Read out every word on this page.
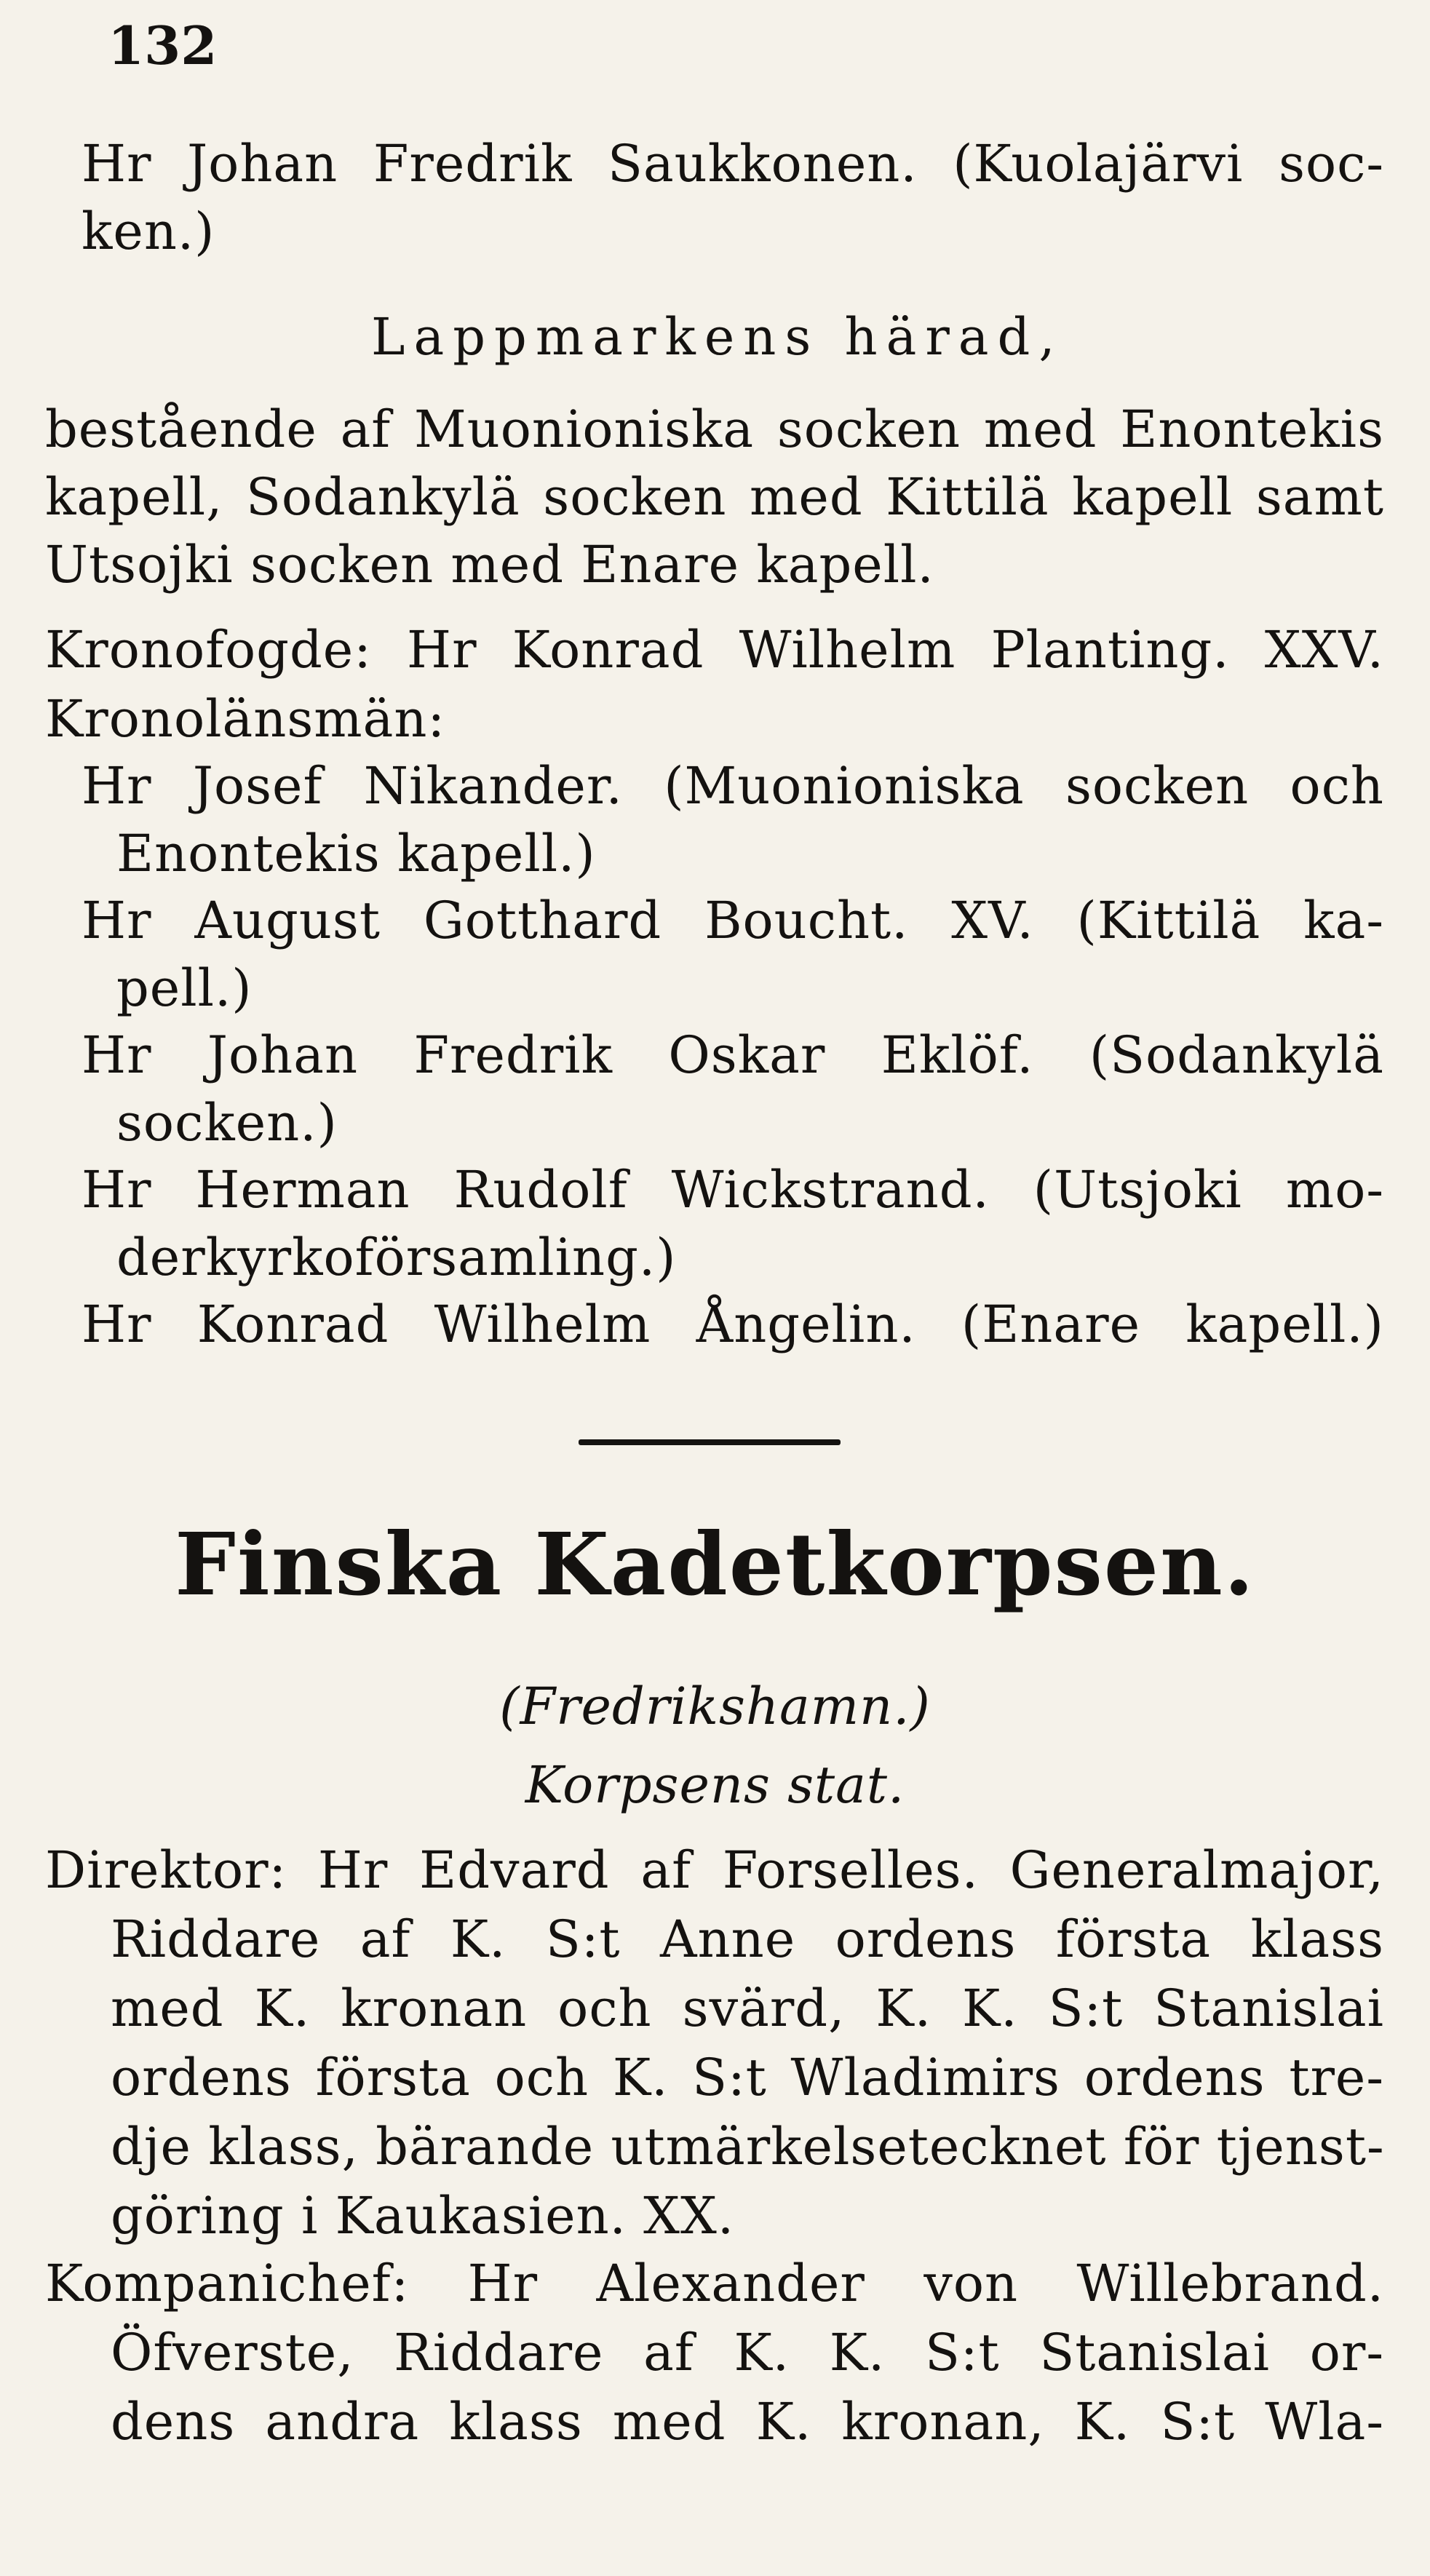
132
Hr Johan Fredrik Saukkonen. (Kuolajärvi soc-
ken.)
Lappmarkens härad,
bestående af Muonioniska socken med Enontekis
kapell, Sodankylä socken med Kittilä kapell samt
Utsojki socken med Enare kapell.
Kronofogde: Hr Konrad Wilhelm Planting. XXV.
Kronolänsmän:
Hr Josef Nikander. (Muonioniska socken och
Enontekis kapell.)
Hr August Gotthard Boucht. XV. (Kittilä ka-
pell.)
Hr Johan Fredrik Oskar Eklöf. (Sodankylä
socken.)
Hr Herman Rudolf Wickstrand. (Utsjoki mo-
derkyrkoförsamling.)
Hr Konrad Wilhelm Ångelin. (Enare kapell.)
Finska Kadetkorpsen.
(Fredrikshamn.)
Korpsens stat.
Direktor: Hr Edvard af Forselles. Generalmajor,
Riddare af K. S:t Anne ordens första klass
med K. kronan och svärd, K. K. S:t Stanislai
ordens första och K. S:t Wladimirs ordens tre-
dje klass, bärande utmärkelsetecknet för tjenst-
göring i Kaukasien. XX.
Kompanichef: Hr Alexander von Willebrand.
Öfverste, Riddare af K. K. S:t Stanislai or-
dens andra klass med K. kronan, K. S:t Wla-
